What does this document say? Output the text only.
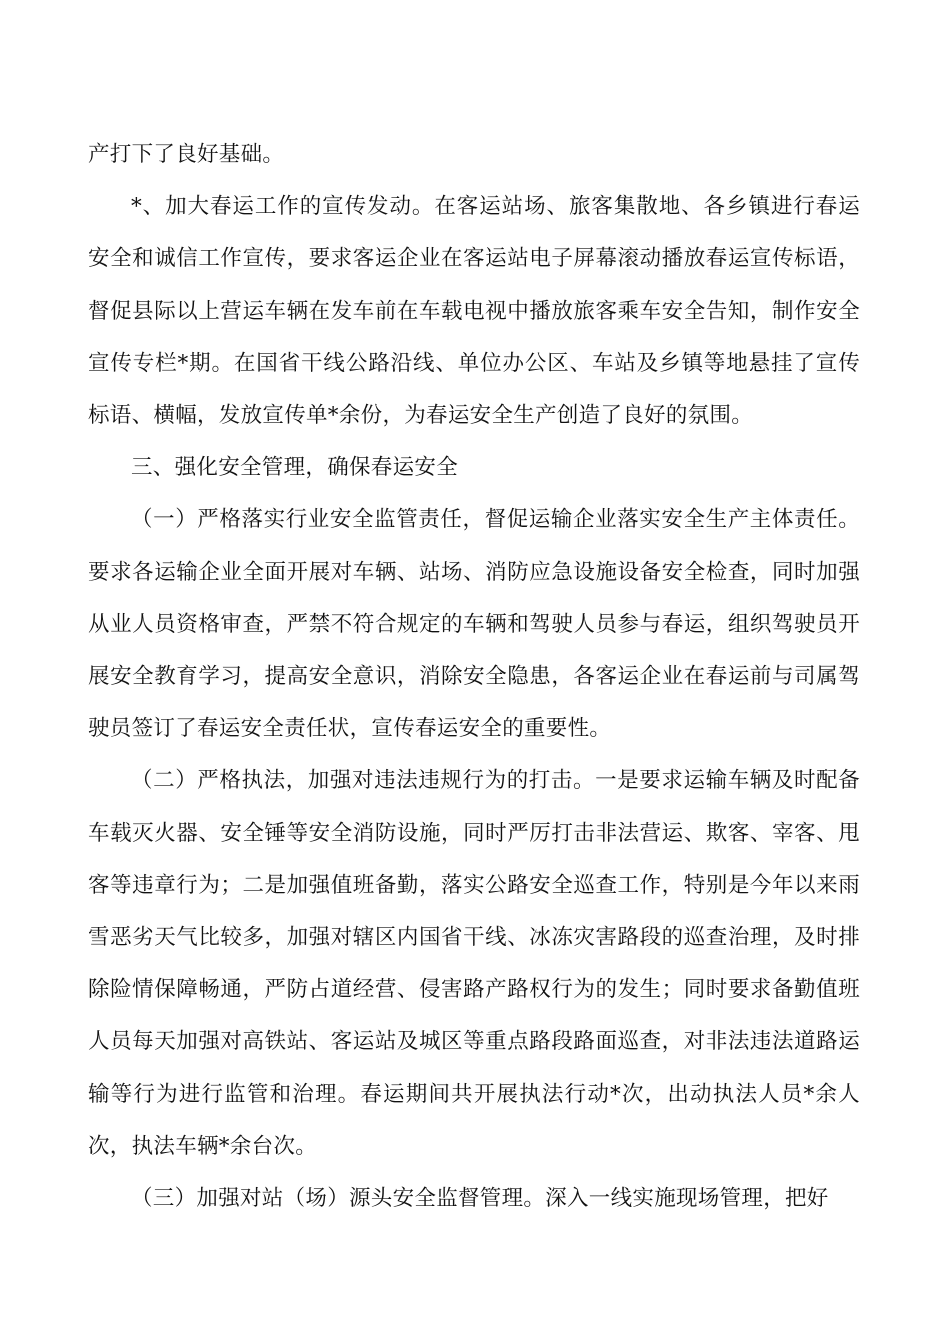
产打下了良好基础。

*、加大春运工作的宣传发动。在客运站场、旅客集散地、各乡镇进行春运安全和诚信工作宣传，要求客运企业在客运站电子屏幕滚动播放春运宣传标语，督促县际以上营运车辆在发车前在车载电视中播放旅客乘车安全告知，制作安全宣传专栏*期。在国省干线公路沿线、单位办公区、车站及乡镇等地悬挂了宣传标语、横幅，发放宣传单*余份，为春运安全生产创造了良好的氛围。

三、强化安全管理，确保春运安全

（一）严格落实行业安全监管责任，督促运输企业落实安全生产主体责任。要求各运输企业全面开展对车辆、站场、消防应急设施设备安全检查，同时加强从业人员资格审查，严禁不符合规定的车辆和驾驶人员参与春运，组织驾驶员开展安全教育学习，提高安全意识，消除安全隐患，各客运企业在春运前与司属驾驶员签订了春运安全责任状，宣传春运安全的重要性。

（二）严格执法，加强对违法违规行为的打击。一是要求运输车辆及时配备车载灭火器、安全锤等安全消防设施，同时严厉打击非法营运、欺客、宰客、甩客等违章行为；二是加强值班备勤，落实公路安全巡查工作，特别是今年以来雨雪恶劣天气比较多，加强对辖区内国省干线、冰冻灾害路段的巡查治理，及时排除险情保障畅通，严防占道经营、侵害路产路权行为的发生；同时要求备勤值班人员每天加强对高铁站、客运站及城区等重点路段路面巡查，对非法违法道路运输等行为进行监管和治理。春运期间共开展执法行动*次，出动执法人员*余人次，执法车辆*余台次。

（三）加强对站（场）源头安全监督管理。深入一线实施现场管理，把好
